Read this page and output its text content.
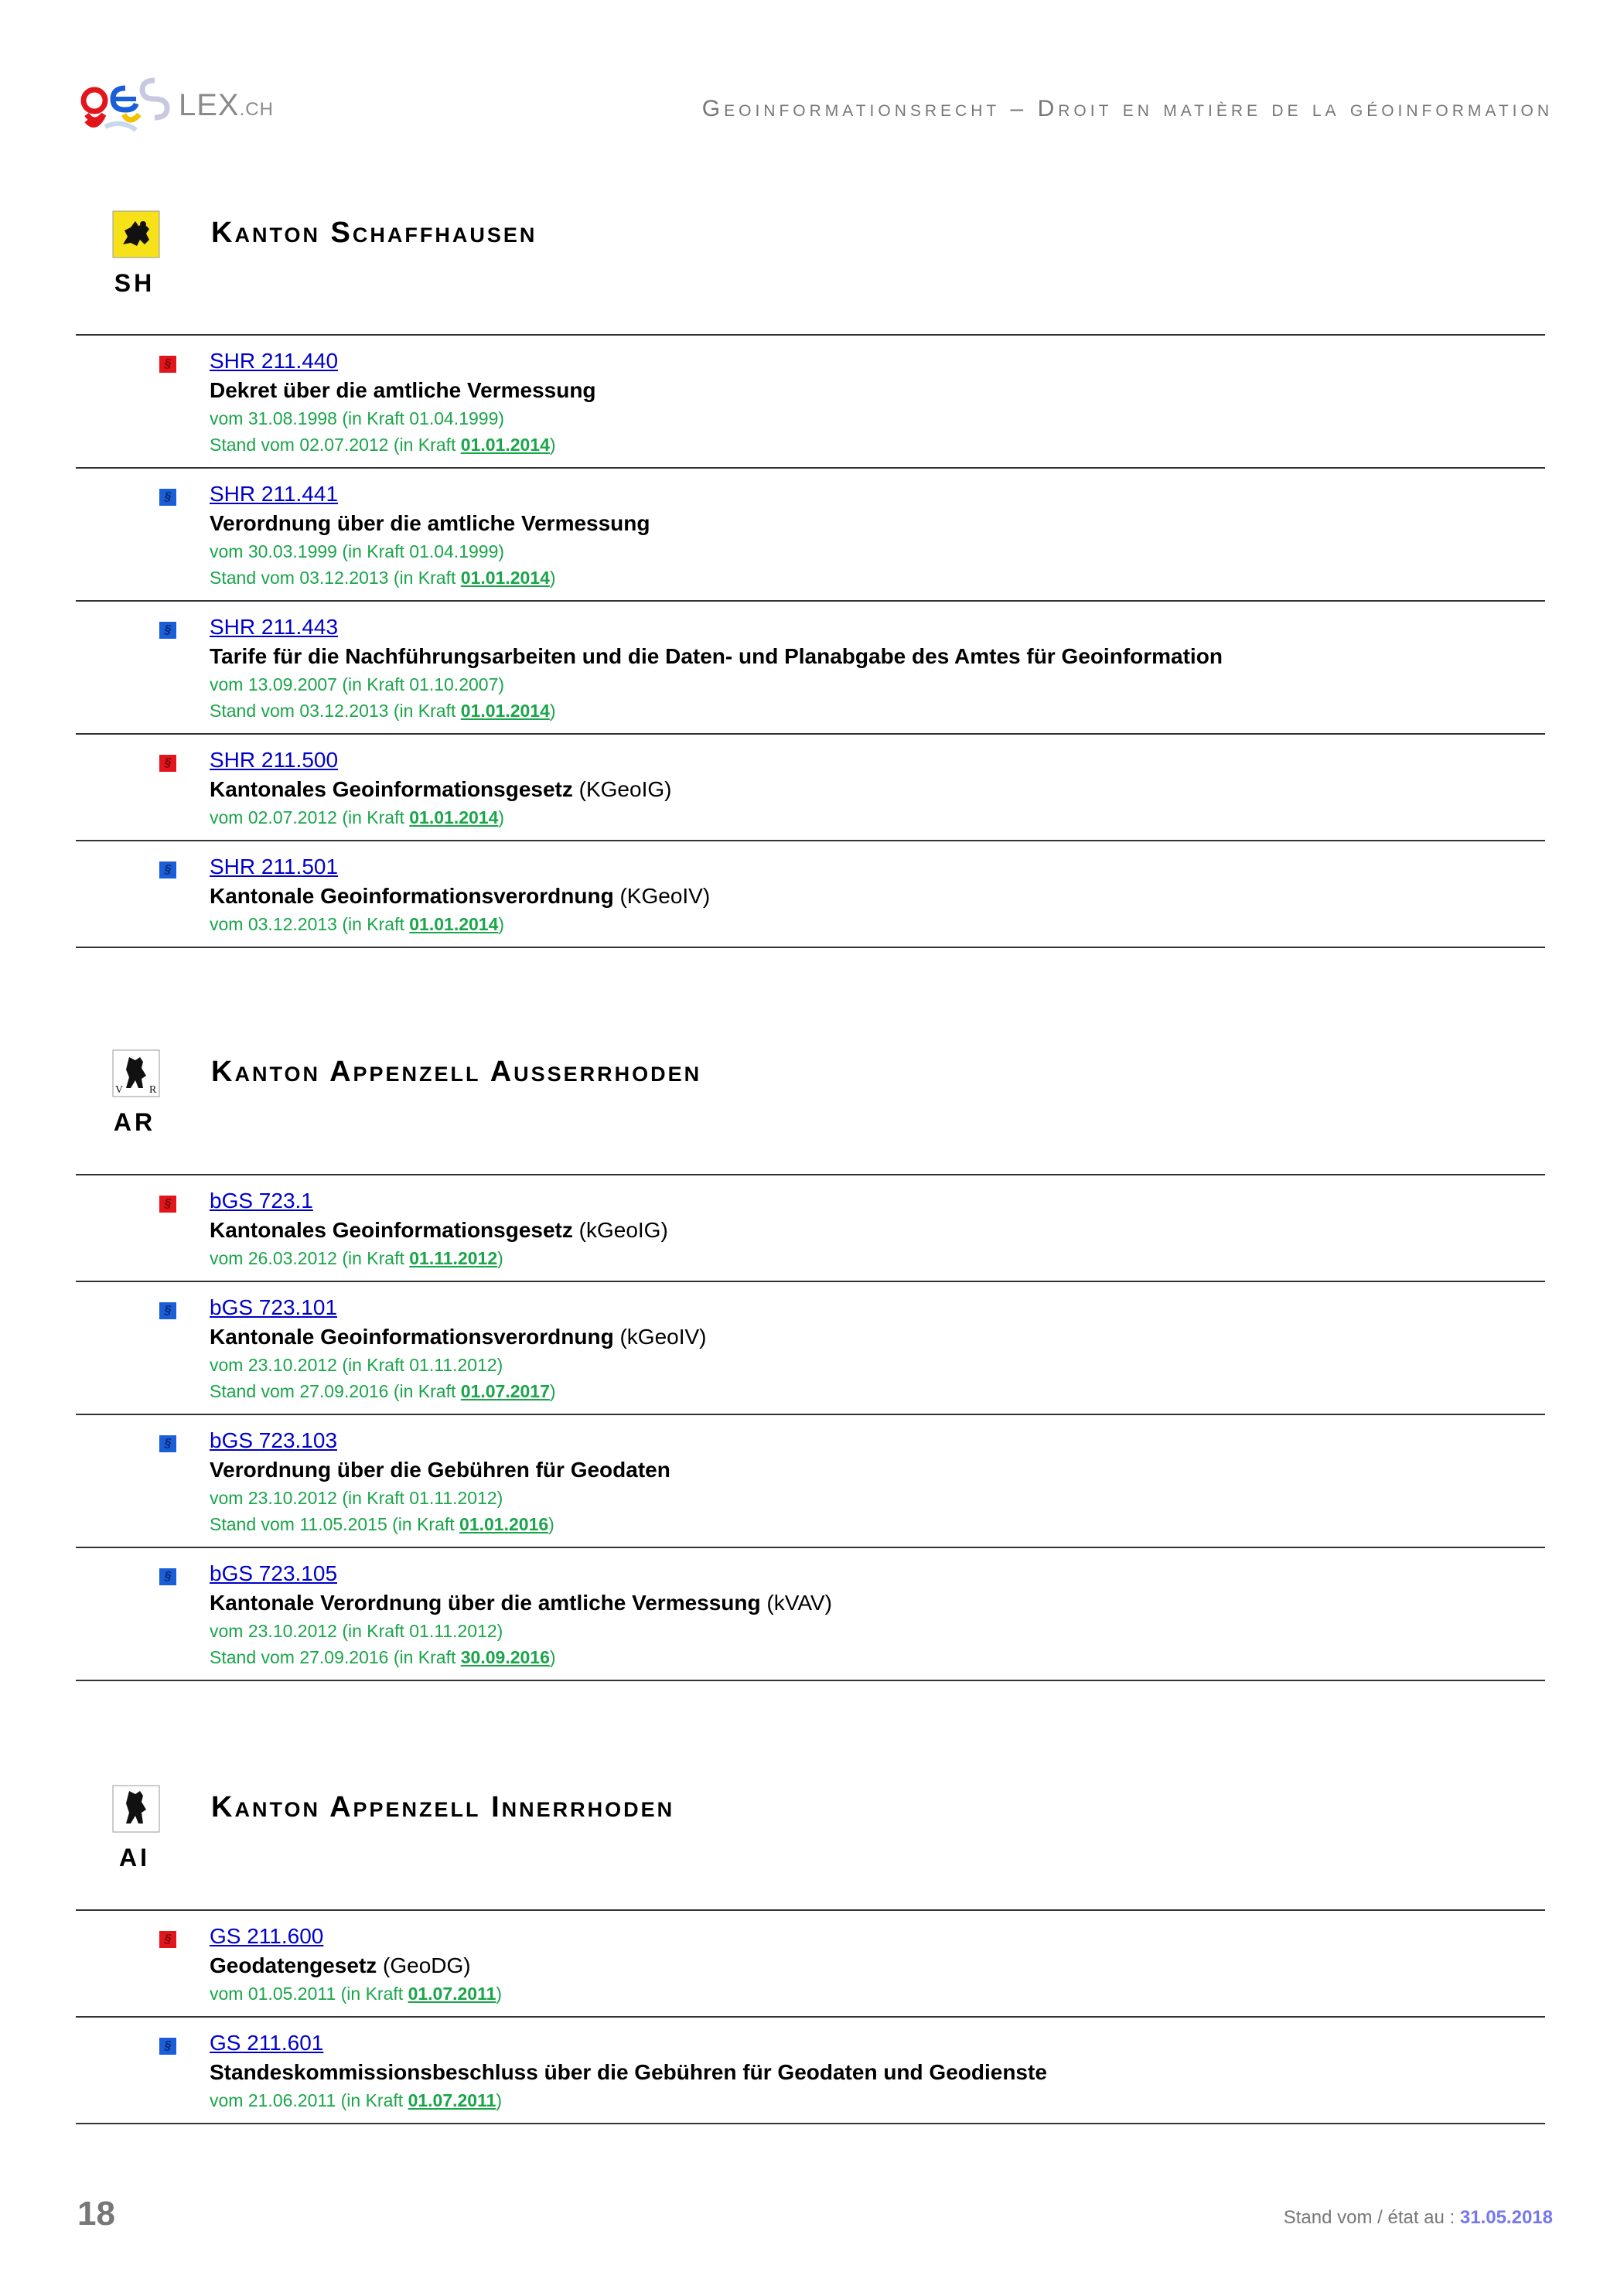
LEX.CH	Geoinformationsrecht – Droit en matière de la géoinformation
SH
Kanton Schaffhausen
§ SHR 211.440
Dekret über die amtliche Vermessung
vom 31.08.1998 (in Kraft 01.04.1999)
Stand vom 02.07.2012 (in Kraft 01.01.2014)
§ SHR 211.441
Verordnung über die amtliche Vermessung
vom 30.03.1999 (in Kraft 01.04.1999)
Stand vom 03.12.2013 (in Kraft 01.01.2014)
§ SHR 211.443
Tarife für die Nachführungsarbeiten und die Daten- und Planabgabe des Amtes für Geoinformation
vom 13.09.2007 (in Kraft 01.10.2007)
Stand vom 03.12.2013 (in Kraft 01.01.2014)
§ SHR 211.500
Kantonales Geoinformationsgesetz (KGeoIG)
vom 02.07.2012 (in Kraft 01.01.2014)
§ SHR 211.501
Kantonale Geoinformationsverordnung (KGeoIV)
vom 03.12.2013 (in Kraft 01.01.2014)
V R
AR
Kanton Appenzell Ausserrhoden
§ bGS 723.1
Kantonales Geoinformationsgesetz (kGeoIG)
vom 26.03.2012 (in Kraft 01.11.2012)
§ bGS 723.101
Kantonale Geoinformationsverordnung (kGeoIV)
vom 23.10.2012 (in Kraft 01.11.2012)
Stand vom 27.09.2016 (in Kraft 01.07.2017)
§ bGS 723.103
Verordnung über die Gebühren für Geodaten
vom 23.10.2012 (in Kraft 01.11.2012)
Stand vom 11.05.2015 (in Kraft 01.01.2016)
§ bGS 723.105
Kantonale Verordnung über die amtliche Vermessung (kVAV)
vom 23.10.2012 (in Kraft 01.11.2012)
Stand vom 27.09.2016 (in Kraft 30.09.2016)
AI
Kanton Appenzell Innerrhoden
§ GS 211.600
Geodatengesetz (GeoDG)
vom 01.05.2011 (in Kraft 01.07.2011)
§ GS 211.601
Standeskommissionsbeschluss über die Gebühren für Geodaten und Geodienste
vom 21.06.2011 (in Kraft 01.07.2011)
18	Stand vom / état au : 31.05.2018
